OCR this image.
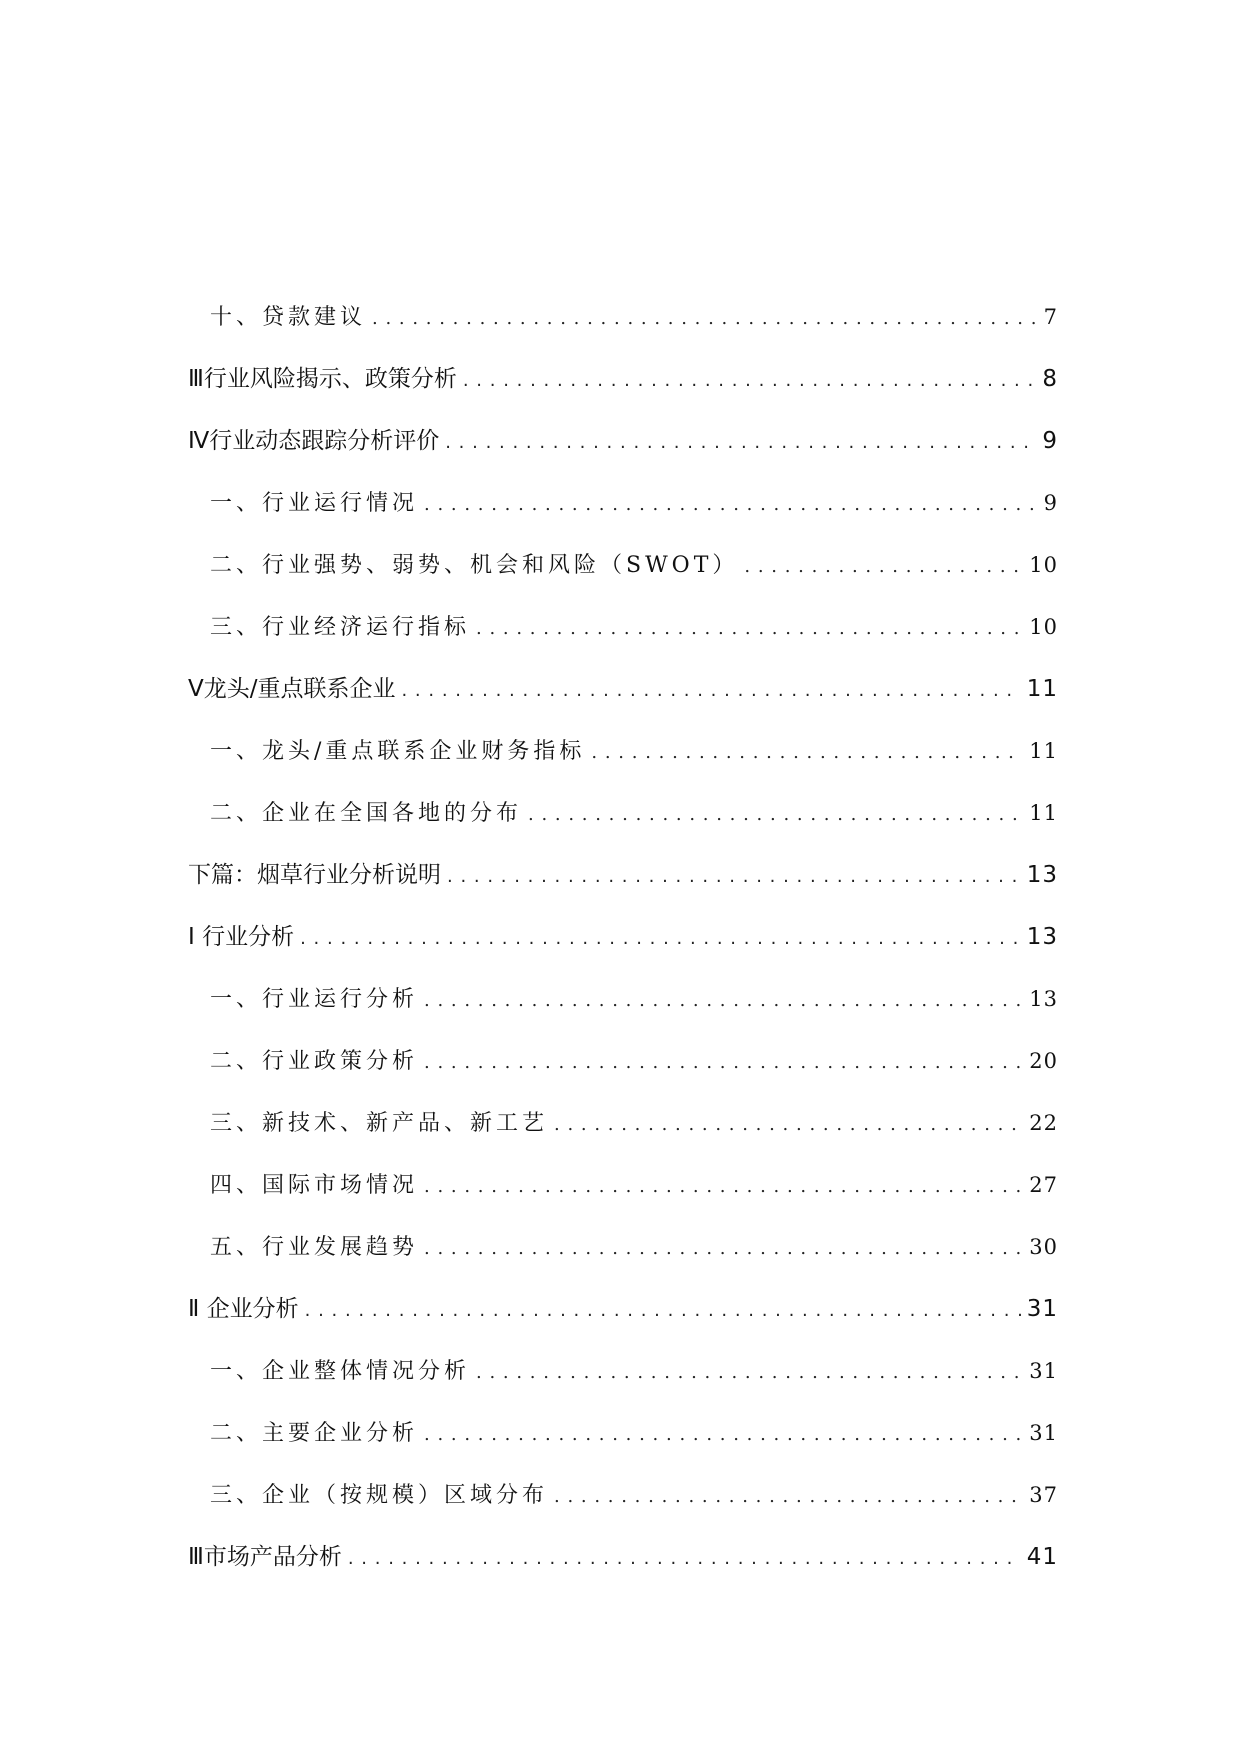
十、贷款建议 . . .	7
Ⅲ行业风险揭示、政策分析 . . .	8
Ⅳ行业动态跟踪分析评价 . . .	9
一、行业运行情况 . . .	9
二、行业强势、弱势、机会和风险（SWOT） . . .	10
三、行业经济运行指标 . . .	10
Ⅴ龙头/重点联系企业 . . .	11
一、龙头/重点联系企业财务指标 . . .	11
二、企业在全国各地的分布 . . .	11
下篇：烟草行业分析说明 . . .	13
Ⅰ 行业分析 . . .	13
一、行业运行分析 . . .	13
二、行业政策分析 . . .	20
三、新技术、新产品、新工艺 . . .	22
四、国际市场情况 . . .	27
五、行业发展趋势 . . .	30
Ⅱ 企业分析 . . .	31
一、企业整体情况分析 . . .	31
二、主要企业分析 . . .	31
三、企业（按规模）区域分布 . . .	37
Ⅲ市场产品分析 . . .	41
